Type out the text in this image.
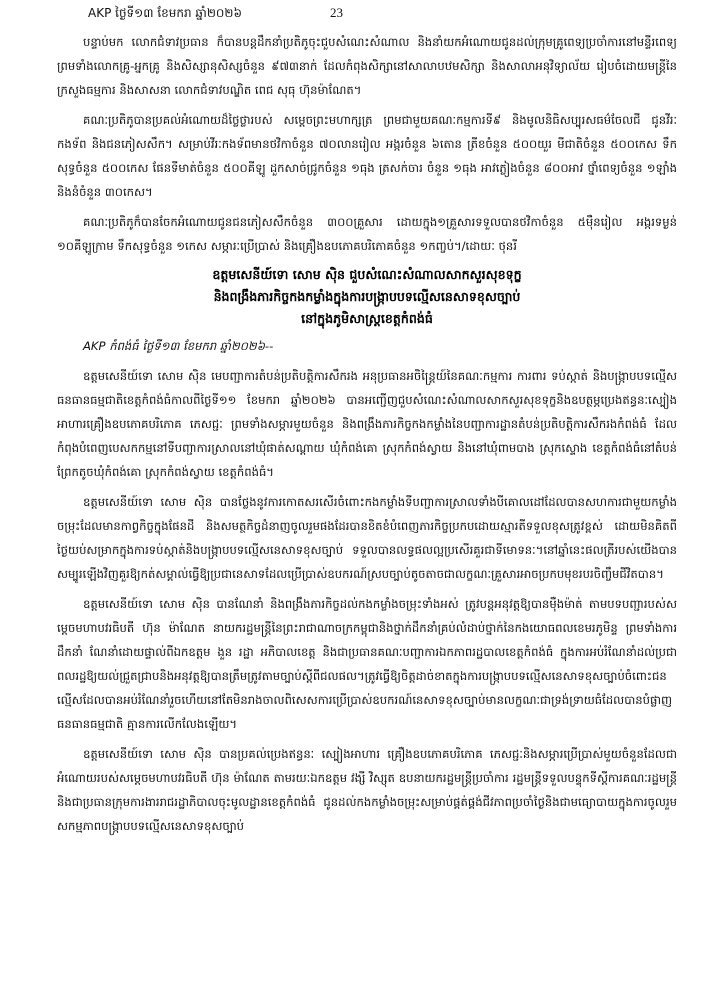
AKP ថ្ងៃទី១៣ ខែមករា ឆ្នាំ២០២៦	23

បន្ទាប់មក លោកជំទាវប្រធាន ក៏បានបន្តដឹកនាំប្រតិភូចុះជួបសំណេះសំណាល និងនាំយកអំណោយជូនដល់ក្រុមគ្រូពេទ្យប្រចាំការនៅមន្ទីរពេទ្យ ព្រមទាំងលោកគ្រូ-អ្នកគ្រូ និងសិស្សានុសិស្សចំនួន ៩៧៣នាក់ ដែលកំពុងសិក្សានៅសាលាបឋមសិក្សា និងសាលាអនុវិទ្យាល័យ រៀបចំដោយមន្ត្រីនៃក្រសួងធម្មការ និងសាសនា លោកជំទាវបណ្ឌិត ពេជ សុធុ ហ៊ុនម៉ាណែត។

គណៈប្រតិភូបានប្រគល់អំណោយដ៏ថ្លៃថ្លារបស់ សម្តេចព្រះមហាក្សត្រ ព្រមជាមួយគណៈកម្មការទី៩ និងមូលនិធិសប្បុរសធម៌ចែលជី ជូនវីរៈកងទ័ព និងជនភៀសសឹក។ សម្រាប់វីរៈកងទ័ពមានថវិកាចំនួន ៧០លានរៀល អង្ករចំនួន ៦តោន ត្រីខចំនួន ៥០០យួរ មីជាតិចំនួន ៥០០កេស ទឹកសុទ្ធចំនួន ៥០០កេស ផែនទីមាត់ចំនួន ៥០០គីឡូ ដួកសាច់ជ្រូកចំនួន ១ធុង ត្រសក់ចារ ចំនួន ១ធុង អាវភ្លៀងចំនួន ៨០០អាវ ថ្នាំពេទ្យចំនួន ១ឡាំង និងនំចំនួន ៣០កេស។

គណៈប្រតិភូក៏បានចែកអំណោយជូនជនភៀសសឹកចំនួន ៣០០គ្រួសារ ដោយក្នុង១គ្រួសារទទួលបានថវិកាចំនួន ៥ម៉ឺនរៀល អង្ករទម្ងន់ ១០គីឡូក្រាម ទឹកសុទ្ធចំនួន ១កេស សម្ភារៈប្រើប្រាស់ និងគ្រឿងឧបភោគបរិភោគចំនួន ១កញ្ចប់។/ដោយៈ ថុនរី

ឧត្តមសេនីយ៍ទោ សោម ស៊ិន ជួបសំណេះសំណាលសាកសួរសុខទុក្ខ
និងពង្រឹងភារកិច្ចកងកម្លាំងក្នុងការបង្ក្រាបបទល្មើសនេសាទខុសច្បាប់
នៅក្នុងភូមិសាស្ត្រខេត្តកំពង់ធំ

AKP កំពង់ធំ ថ្ងៃទី១៣ ខែមករា ឆ្នាំ២០២៦--

ឧត្តមសេនីយ៍ទោ សោម ស៊ិន មេបញ្ជាការតំបន់ប្រតិបត្តិការសឹករង អនុប្រធានអចិន្ត្រៃយ៍នៃគណៈកម្មការ ការពារ ទប់ស្កាត់ និងបង្ក្រាបបទល្មើសធនធានធម្មជាតិខេត្តកំពង់ធំកាលពីថ្ងៃទី១១ ខែមករា ឆ្នាំ២០២៦ បានអញ្ជើញជួបសំណេះសំណាលសាកសួរសុខទុក្ខនិងឧបត្ថម្ភប្រេងឥន្ធនៈស្បៀងអាហារគ្រឿងឧបភោគបរិភោគ ភេសជ្ជៈ ព្រមទាំងសម្ភារមួយចំនួន និងពង្រឹងភារកិច្ចកងកម្លាំងនៃបញ្ជាការដ្ឋានតំបន់ប្រតិបត្តិការសឹករងកំពង់ធំ ដែលកំពុងបំពេញបេសកកម្មនៅទីបញ្ជាការស្រាលនៅឃុំផាត់សណ្ដាយ ឃុំកំពង់គោ ស្រុកកំពង់ស្វាយ និងនៅឃុំពាមបាង ស្រុកស្ទោង ខេត្តកំពង់ធំនៅតំបន់ព្រែកតូចឃុំកំពង់គោ ស្រុកកំពង់ស្វាយ ខេត្តកំពង់ធំ។

ឧត្តមសេនីយ៍ទោ សោម ស៊ិន បានថ្លែងនូវការកោតសរសើរចំពោះកងកម្លាំងទីបញ្ជាការស្រាលទាំងបីគោលដៅដែលបានសហការជាមួយកម្លាំងចម្រុះដែលមានកាព្វកិច្ចក្នុងផែនដី និងសមត្ថកិច្ចដំនាញចូលរួមផងដែរបានខិតខំបំពេញភារកិច្ចប្រកបដោយស្មារតីទទួលខុសត្រូវខ្ពស់ ដោយមិនគិតពីថ្ងៃយប់សម្រាកក្នុងការទប់ស្កាត់និងបង្ក្រាបបទល្មើសនេសាទខុសច្បាប់ ទទួលបានលទ្ធផលល្អប្រសើរគួរជាទីមោទនៈ។នៅឆ្នាំនេះផលត្រីរបស់យើងបានសម្បូរឡើងវិញគួរឱ្យកត់សម្គាល់ធ្វើឱ្យប្រជានេសាទដែលប្រើប្រាស់ឧបករណ៍ស្របច្បាប់តូចតាចជាលក្ខណៈគ្រួសារអាចប្រកបមុខរបរចិញ្ចឹមជីវិតបាន។

ឧត្តមសេនីយ៍ទោ សោម ស៊ិន បានណែនាំ និងពង្រឹងភារកិច្ចដល់កងកម្លាំងចម្រុះទាំងអស់ ត្រូវបន្តអនុវត្តឱ្យបានម៉ឺងម៉ាត់ តាមបទបញ្ជារបស់សម្តេចមហាបវរធិបតី ហ៊ុន ម៉ាណែត នាយករដ្ឋមន្ត្រីនៃព្រះរាជាណាចក្រកម្ពុជានិងថ្នាក់ដឹកនាំគ្រប់លំដាប់ថ្នាក់នៃកងយោធពលខេមរភូមិន្ទ ព្រមទាំងការដឹកនាំ ណែនាំដោយផ្ទាល់ពីឯកឧត្តម ងួន រដ្ឋា អភិបាលខេត្ត និងជាប្រធានគណៈបញ្ជាការឯកភាពរដ្ឋបាលខេត្តកំពង់ធំ ក្នុងការអប់រំណែនាំដល់ប្រជាពលរដ្ឋឱ្យយល់ជ្រួតជ្រាបនិងអនុវត្តឱ្យបានត្រឹមត្រូវតាមច្បាប់ស្តីពីជលផល។ត្រូវធ្វើឱ្យចិត្តដាច់ខាតក្នុងការបង្ក្រាបបទល្មើសនេសាទខុសច្បាប់ចំពោះជនល្មើសដែលបានអប់រំណែនាំរួចហើយនៅតែមិនរាងចាលពិសេសការប្រើប្រាស់ឧបករណ៍នេសាទខុសច្បាប់មានលក្ខណៈជាទ្រង់ទ្រាយធំដែលបានបំផ្លាញធនធានធម្មជាតិ គ្មានការលើកលែងឡើយ។

ឧត្តមសេនីយ៍ទោ សោម ស៊ិន បានប្រគល់ប្រេងឥន្ធនៈ ស្បៀងអាហារ គ្រឿងឧបភោគបរិភោគ ភេសជ្ជៈនិងសម្ភារប្រើប្រាស់មួយចំនួនដែលជាអំណោយរបស់សម្តេចមហាបវរធិបតី ហ៊ុន ម៉ាណែត តាមរយៈឯកឧត្តម វង្សី វិស្សុត ឧបនាយករដ្ឋមន្ត្រីប្រចាំការ រដ្ឋមន្ត្រីទទួលបន្ទុកទីស្តីការគណៈរដ្ឋមន្ត្រី និងជាប្រធានក្រុមការងាររាជរដ្ឋាភិបាលចុះមូលដ្ឋានខេត្តកំពង់ធំ ជូនដល់កងកម្លាំងចម្រុះសម្រាប់ផ្គត់ផ្គង់ជីវភាពប្រចាំថ្ងៃនិងជាមធ្យោបាយក្នុងការចូលរួមសកម្មភាពបង្ក្រាបបទល្មើសនេសាទខុសច្បាប់
